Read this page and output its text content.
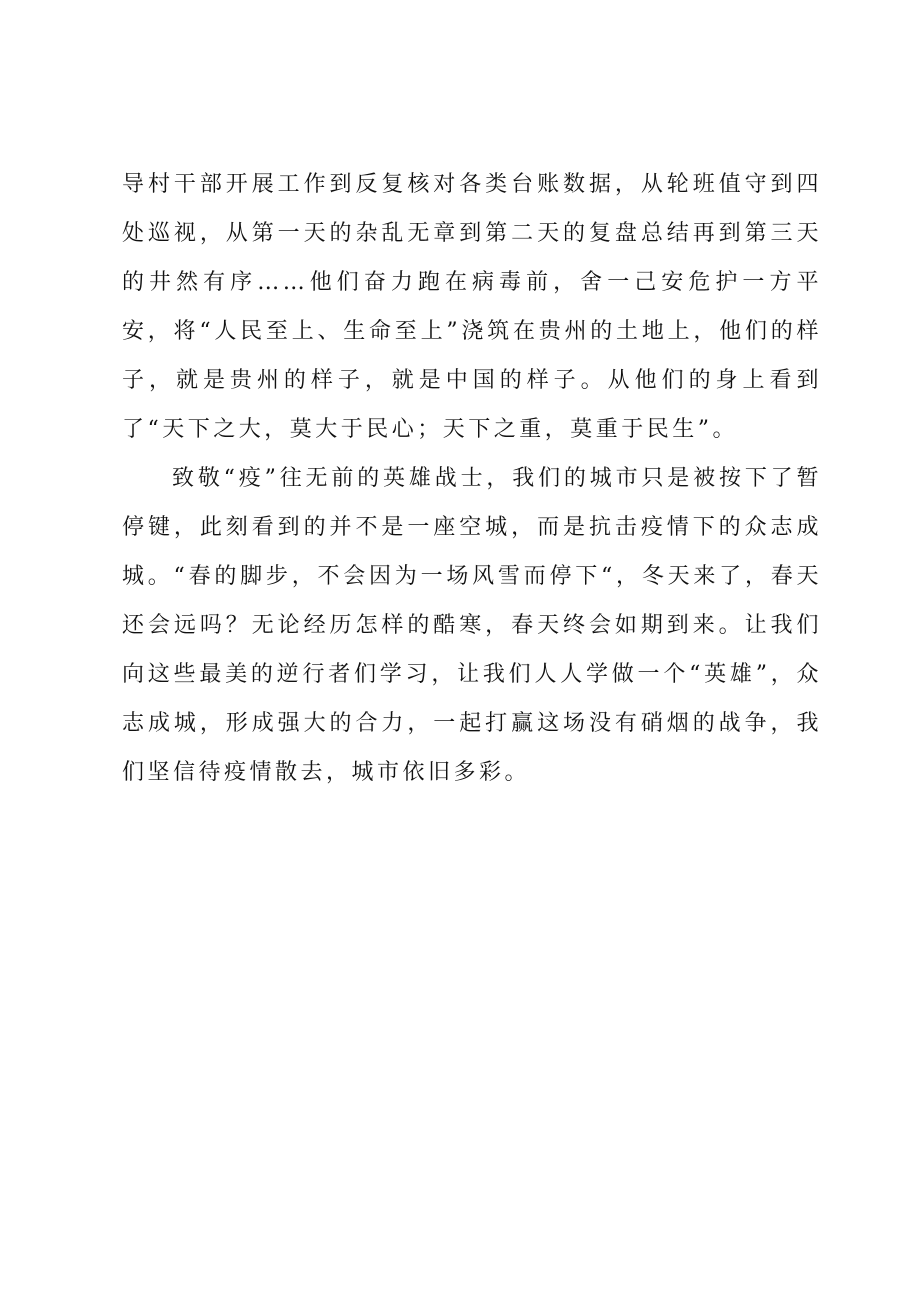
导村干部开展工作到反复核对各类台账数据，从轮班值守到四处巡视，从第一天的杂乱无章到第二天的复盘总结再到第三天的井然有序……他们奋力跑在病毒前，舍一己安危护一方平安，将“人民至上、生命至上”浇筑在贵州的土地上，他们的样子，就是贵州的样子，就是中国的样子。从他们的身上看到了“天下之大，莫大于民心；天下之重，莫重于民生”。

致敬“疫”往无前的英雄战士，我们的城市只是被按下了暂停键，此刻看到的并不是一座空城，而是抗击疫情下的众志成城。“春的脚步，不会因为一场风雪而停下“，冬天来了，春天还会远吗？无论经历怎样的酷寒，春天终会如期到来。让我们向这些最美的逆行者们学习，让我们人人学做一个“英雄”，众志成城，形成强大的合力，一起打赢这场没有硝烟的战争，我们坚信待疫情散去，城市依旧多彩。
